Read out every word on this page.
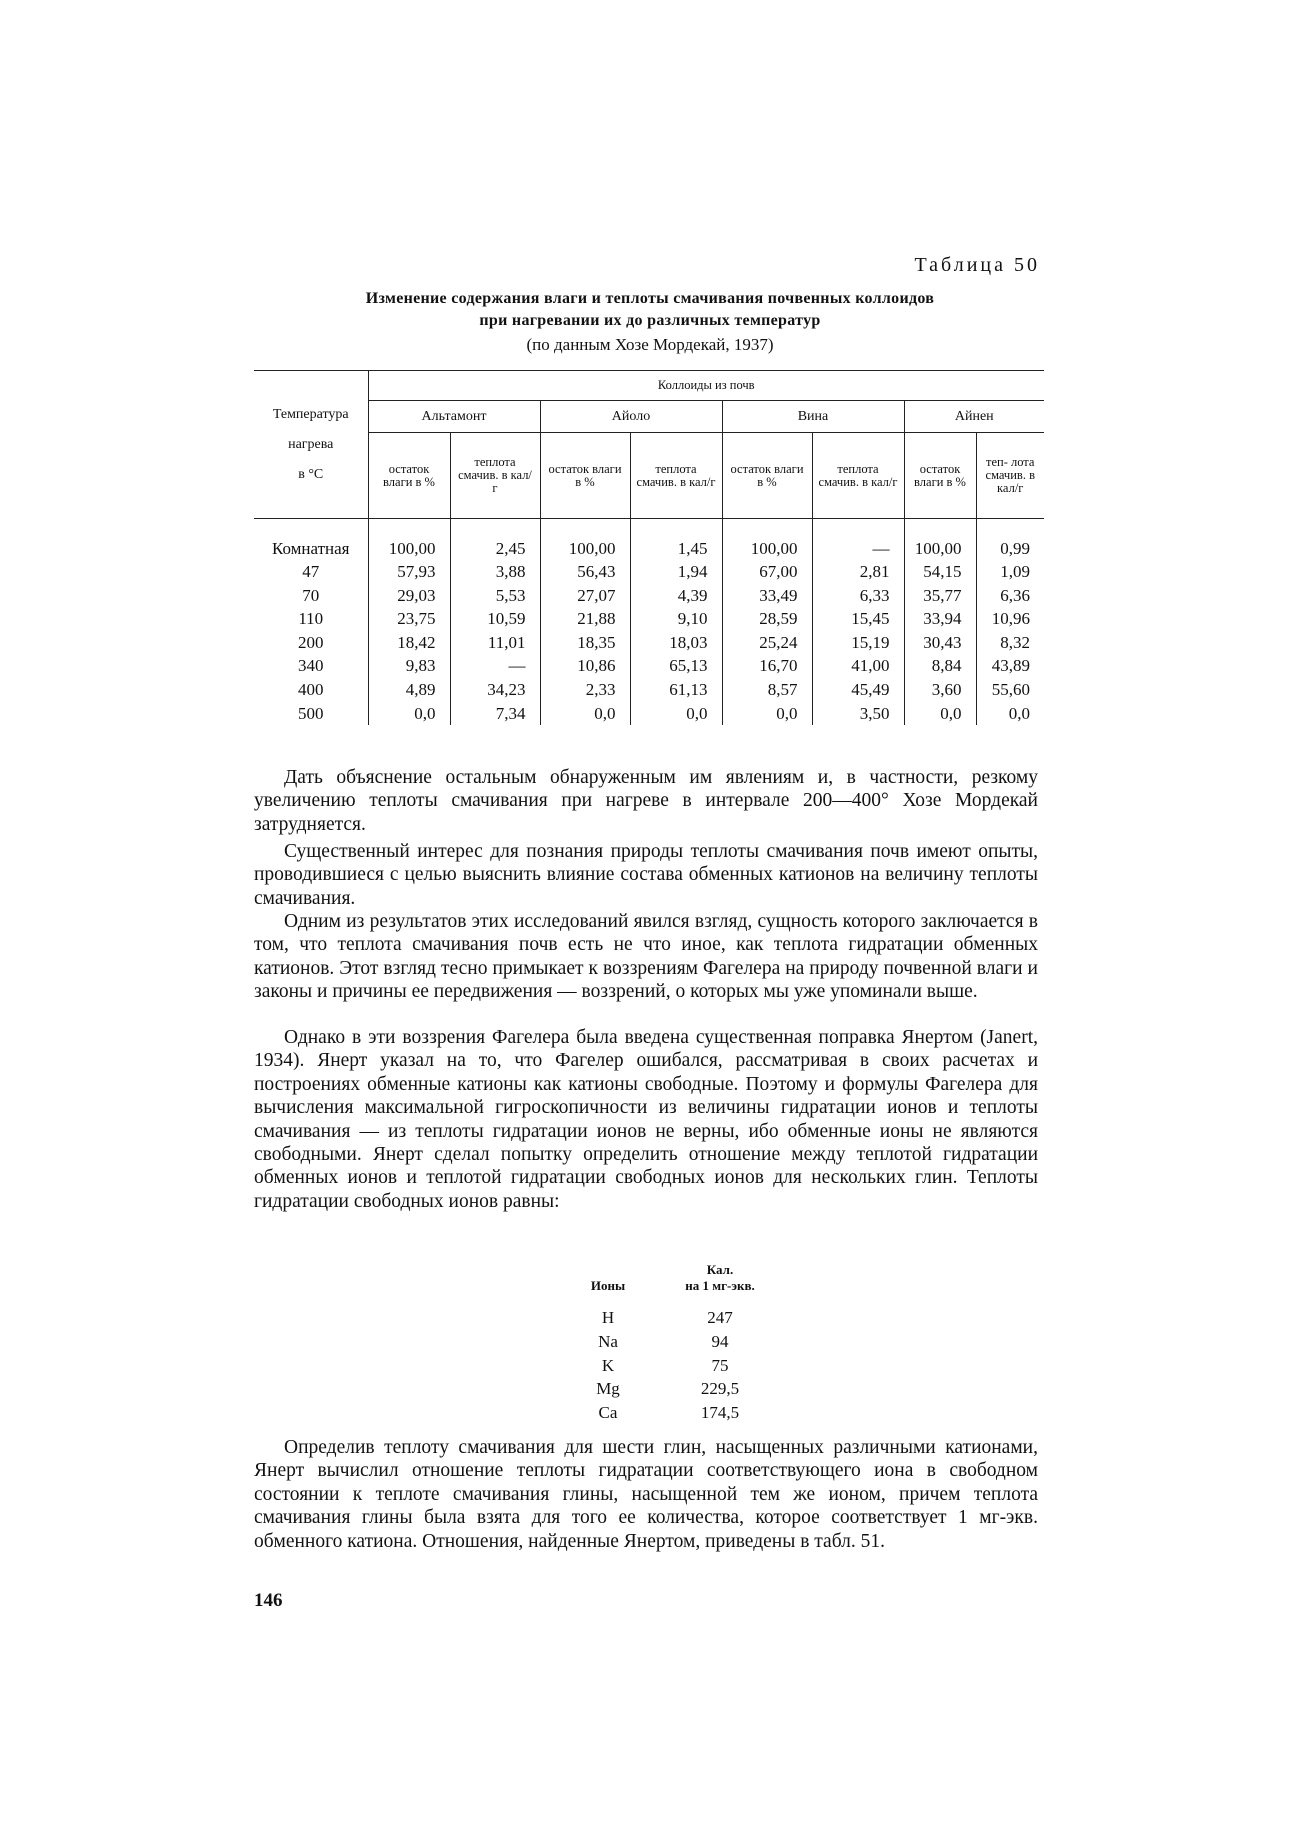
Таблица 50
Изменение содержания влаги и теплоты смачивания почвенных коллоидов
при нагревании их до различных температур
(по данным Хозе Мордекай, 1937)
Температура
нагрева
в °С	Коллоиды из почв							
	Альтамонт		Айоло		Вина		Айнен	
	остаток влаги в %	теплота смачив. в кал/г	остаток влаги в %	теплота смачив. в кал/г	остаток влаги в %	теплота смачив. в кал/г	остаток влаги в %	теп- лота смачив. в кал/г

Комнатная	100,00	2,45	100,00	1,45	100,00	—	100,00	0,99
47	57,93	3,88	56,43	1,94	67,00	2,81	54,15	1,09
70	29,03	5,53	27,07	4,39	33,49	6,33	35,77	6,36
110	23,75	10,59	21,88	9,10	28,59	15,45	33,94	10,96
200	18,42	11,01	18,35	18,03	25,24	15,19	30,43	8,32
340	9,83	—	10,86	65,13	16,70	41,00	8,84	43,89
400	4,89	34,23	2,33	61,13	8,57	45,49	3,60	55,60
500	0,0	7,34	0,0	0,0	0,0	3,50	0,0	0,0
Дать объяснение остальным обнаруженным им явлениям и, в частности, резкому увеличению теплоты смачивания при нагреве в интервале 200—400° Хозе Мордекай затрудняется.
Существенный интерес для познания природы теплоты смачивания почв имеют опыты, проводившиеся с целью выяснить влияние состава обменных катионов на величину теплоты смачивания.
Одним из результатов этих исследований явился взгляд, сущность которого заключается в том, что теплота смачивания почв есть не что иное, как теплота гидратации обменных катионов. Этот взгляд тесно примыкает к воззрениям Фагелера на природу почвенной влаги и законы и причины ее передвижения — воззрений, о которых мы уже упоминали выше.
Однако в эти воззрения Фагелера была введена существенная поправка Янертом (Janert, 1934). Янерт указал на то, что Фагелер ошибался, рассматривая в своих расчетах и построениях обменные катионы как катионы свободные. Поэтому и формулы Фагелера для вычисления максимальной гигроскопичности из величины гидратации ионов и теплоты смачивания — из теплоты гидратации ионов не верны, ибо обменные ионы не являются свободными. Янерт сделал попытку определить отношение между теплотой гидратации обменных ионов и теплотой гидратации свободных ионов для нескольких глин. Теплоты гидратации свободных ионов равны:
Ионы	Кал.
на 1 мг-экв.

H	247
Na	94
K	75
Mg	229,5
Ca	174,5
Определив теплоту смачивания для шести глин, насыщенных различными катионами, Янерт вычислил отношение теплоты гидратации соответствующего иона в свободном состоянии к теплоте смачивания глины, насыщенной тем же ионом, причем теплота смачивания глины была взята для того ее количества, которое соответствует 1 мг-экв. обменного катиона. Отношения, найденные Янертом, приведены в табл. 51.
146
